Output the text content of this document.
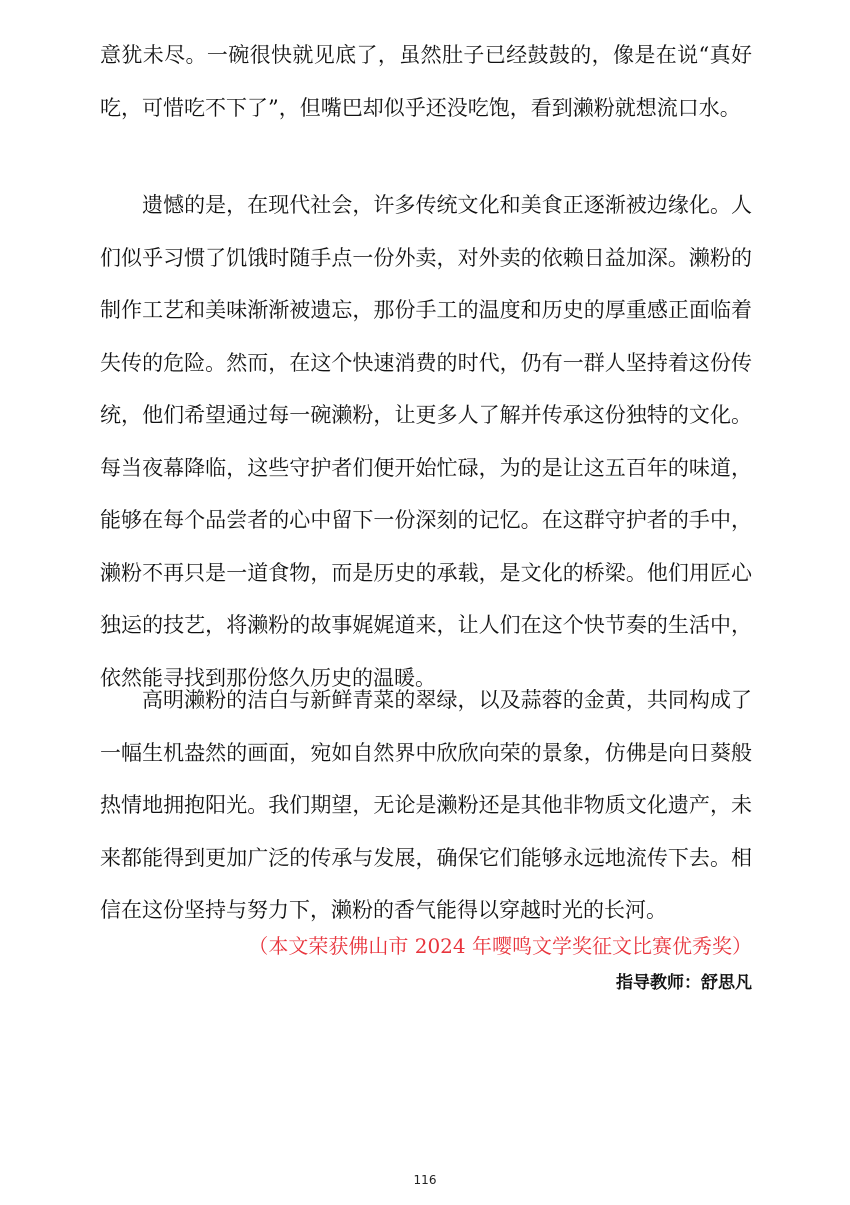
意犹未尽。一碗很快就见底了，虽然肚子已经鼓鼓的，像是在说“真好吃，可惜吃不下了”，但嘴巴却似乎还没吃饱，看到濑粉就想流口水。

遗憾的是，在现代社会，许多传统文化和美食正逐渐被边缘化。人们似乎习惯了饥饿时随手点一份外卖，对外卖的依赖日益加深。濑粉的制作工艺和美味渐渐被遗忘，那份手工的温度和历史的厚重感正面临着失传的危险。然而，在这个快速消费的时代，仍有一群人坚持着这份传统，他们希望通过每一碗濑粉，让更多人了解并传承这份独特的文化。每当夜幕降临，这些守护者们便开始忙碌，为的是让这五百年的味道，能够在每个品尝者的心中留下一份深刻的记忆。在这群守护者的手中，濑粉不再只是一道食物，而是历史的承载，是文化的桥梁。他们用匠心独运的技艺，将濑粉的故事娓娓道来，让人们在这个快节奏的生活中，依然能寻找到那份悠久历史的温暖。

高明濑粉的洁白与新鲜青菜的翠绿，以及蒜蓉的金黄，共同构成了一幅生机盎然的画面，宛如自然界中欣欣向荣的景象，仿佛是向日葵般热情地拥抱阳光。我们期望，无论是濑粉还是其他非物质文化遗产，未来都能得到更加广泛的传承与发展，确保它们能够永远地流传下去。相信在这份坚持与努力下，濑粉的香气能得以穿越时光的长河。

（本文荣获佛山市 2024 年嘤鸣文学奖征文比赛优秀奖）
指导教师：舒思凡
116
